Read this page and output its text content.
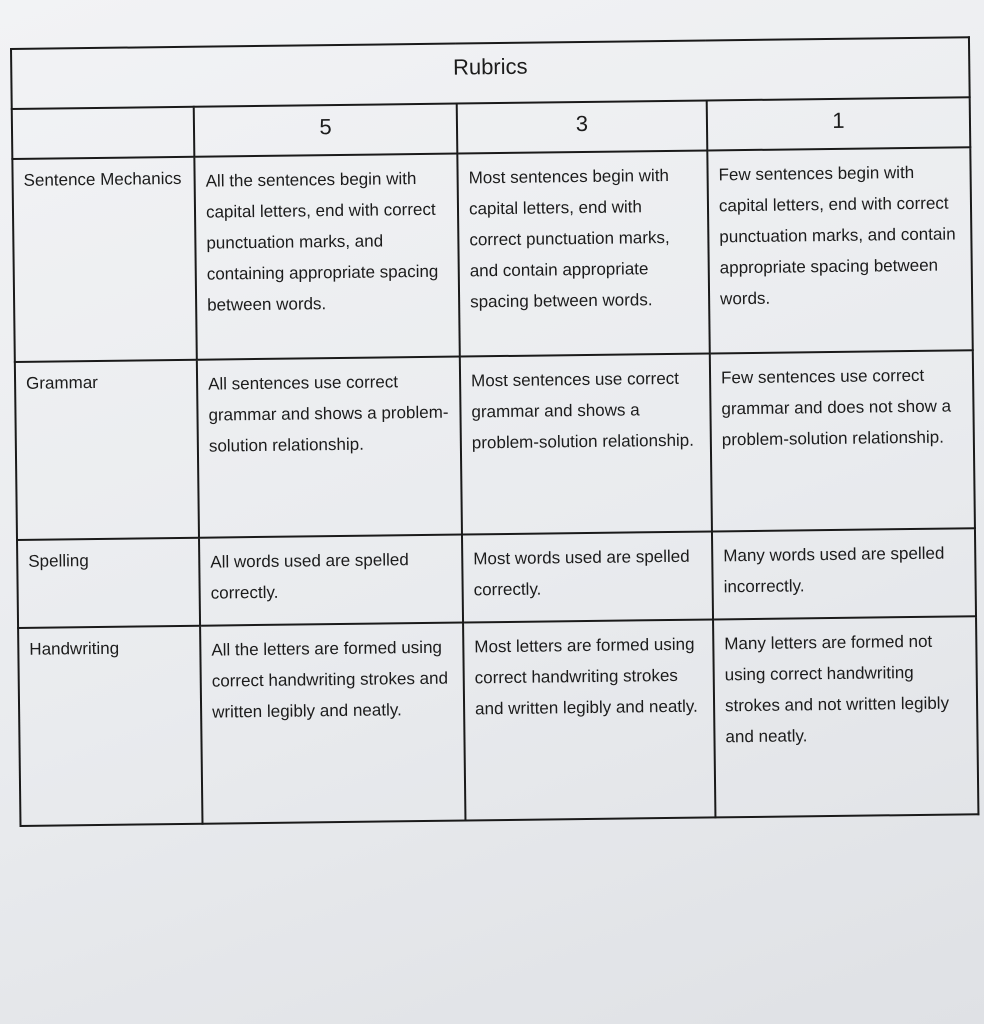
Rubrics			
	5	3	1
Sentence Mechanics	All the sentences begin with capital letters, end with correct punctuation marks, and containing appropriate spacing between words.	Most sentences begin with capital letters, end with correct punctuation marks, and contain appropriate spacing between words.	Few sentences begin with capital letters, end with correct punctuation marks, and contain appropriate spacing between words.
Grammar	All sentences use correct grammar and shows a problem-solution relationship.	Most sentences use correct grammar and shows a problem-solution relationship.	Few sentences use correct grammar and does not show a problem-solution relationship.
Spelling	All words used are spelled correctly.	Most words used are spelled correctly.	Many words used are spelled incorrectly.
Handwriting	All the letters are formed using correct handwriting strokes and written legibly and neatly.	Most letters are formed using correct handwriting strokes and written legibly and neatly.	Many letters are formed not using correct handwriting strokes and not written legibly and neatly.
